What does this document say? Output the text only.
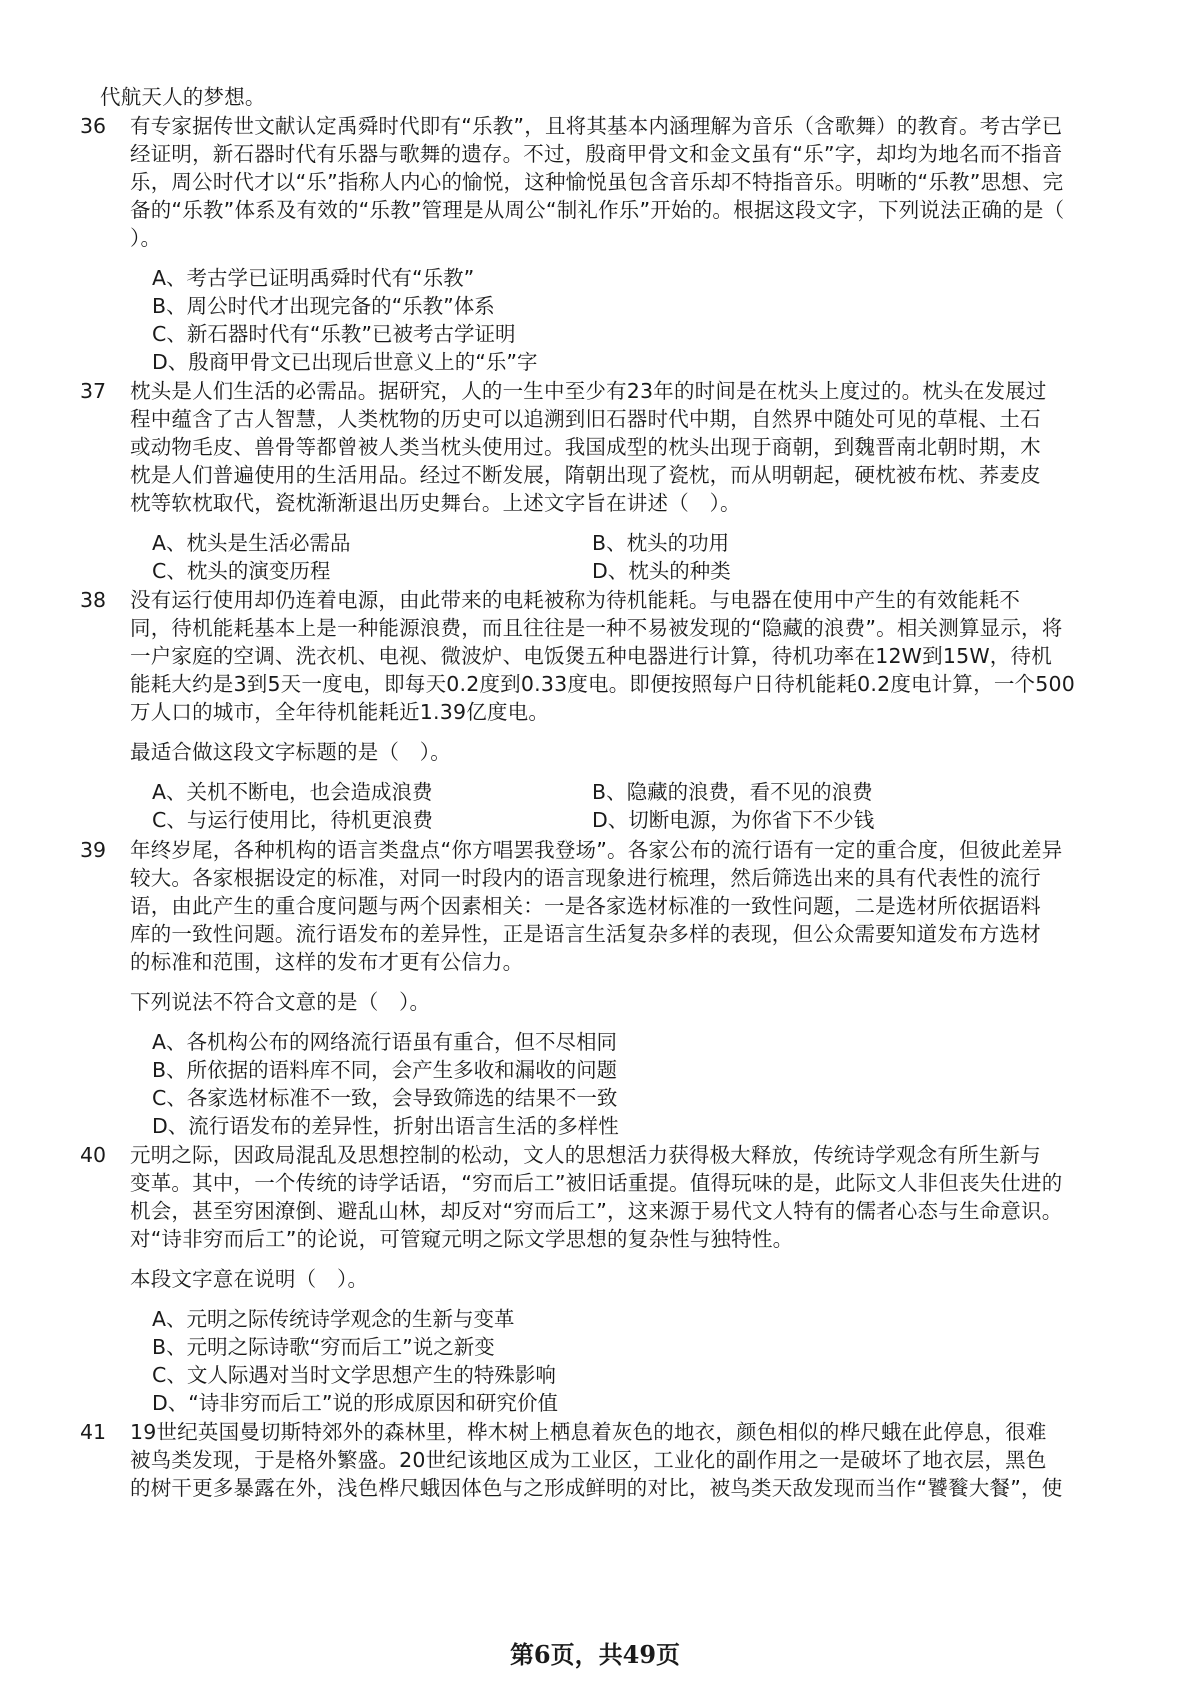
代航天人的梦想。
36 有专家据传世文献认定禹舜时代即有“乐教”，且将其基本内涵理解为音乐（含歌舞）的教育。考古学已
经证明，新石器时代有乐器与歌舞的遗存。不过，殷商甲骨文和金文虽有“乐”字，却均为地名而不指音
乐，周公时代才以“乐”指称人内心的愉悦，这种愉悦虽包含音乐却不特指音乐。明晰的“乐教”思想、完
备的“乐教”体系及有效的“乐教”管理是从周公“制礼作乐”开始的。根据这段文字，下列说法正确的是（
）。
A、考古学已证明禹舜时代有“乐教”
B、周公时代才出现完备的“乐教”体系
C、新石器时代有“乐教”已被考古学证明
D、殷商甲骨文已出现后世意义上的“乐”字
37 枕头是人们生活的必需品。据研究，人的一生中至少有23年的时间是在枕头上度过的。枕头在发展过
程中蕴含了古人智慧，人类枕物的历史可以追溯到旧石器时代中期，自然界中随处可见的草棍、土石
或动物毛皮、兽骨等都曾被人类当枕头使用过。我国成型的枕头出现于商朝，到魏晋南北朝时期，木
枕是人们普遍使用的生活用品。经过不断发展，隋朝出现了瓷枕，而从明朝起，硬枕被布枕、荞麦皮
枕等软枕取代，瓷枕渐渐退出历史舞台。上述文字旨在讲述（　）。
A、枕头是生活必需品	B、枕头的功用
C、枕头的演变历程	D、枕头的种类
38 没有运行使用却仍连着电源，由此带来的电耗被称为待机能耗。与电器在使用中产生的有效能耗不
同，待机能耗基本上是一种能源浪费，而且往往是一种不易被发现的“隐藏的浪费”。相关测算显示，将
一户家庭的空调、洗衣机、电视、微波炉、电饭煲五种电器进行计算，待机功率在12W到15W，待机
能耗大约是3到5天一度电，即每天0.2度到0.33度电。即便按照每户日待机能耗0.2度电计算，一个500
万人口的城市，全年待机能耗近1.39亿度电。
最适合做这段文字标题的是（　）。
A、关机不断电，也会造成浪费	B、隐藏的浪费，看不见的浪费
C、与运行使用比，待机更浪费	D、切断电源，为你省下不少钱
39 年终岁尾，各种机构的语言类盘点“你方唱罢我登场”。各家公布的流行语有一定的重合度，但彼此差异
较大。各家根据设定的标准，对同一时段内的语言现象进行梳理，然后筛选出来的具有代表性的流行
语，由此产生的重合度问题与两个因素相关：一是各家选材标准的一致性问题，二是选材所依据语料
库的一致性问题。流行语发布的差异性，正是语言生活复杂多样的表现，但公众需要知道发布方选材
的标准和范围，这样的发布才更有公信力。
下列说法不符合文意的是（　）。
A、各机构公布的网络流行语虽有重合，但不尽相同
B、所依据的语料库不同，会产生多收和漏收的问题
C、各家选材标准不一致，会导致筛选的结果不一致
D、流行语发布的差异性，折射出语言生活的多样性
40 元明之际，因政局混乱及思想控制的松动，文人的思想活力获得极大释放，传统诗学观念有所生新与
变革。其中，一个传统的诗学话语，“穷而后工”被旧话重提。值得玩味的是，此际文人非但丧失仕进的
机会，甚至穷困潦倒、避乱山林，却反对“穷而后工”，这来源于易代文人特有的儒者心态与生命意识。
对“诗非穷而后工”的论说，可管窥元明之际文学思想的复杂性与独特性。
本段文字意在说明（　）。
A、元明之际传统诗学观念的生新与变革
B、元明之际诗歌“穷而后工”说之新变
C、文人际遇对当时文学思想产生的特殊影响
D、“诗非穷而后工”说的形成原因和研究价值
41 19世纪英国曼切斯特郊外的森林里，桦木树上栖息着灰色的地衣，颜色相似的桦尺蛾在此停息，很难
被鸟类发现，于是格外繁盛。20世纪该地区成为工业区，工业化的副作用之一是破坏了地衣层，黑色
的树干更多暴露在外，浅色桦尺蛾因体色与之形成鲜明的对比，被鸟类天敌发现而当作“饕餮大餐”，使
第6页，共49页
